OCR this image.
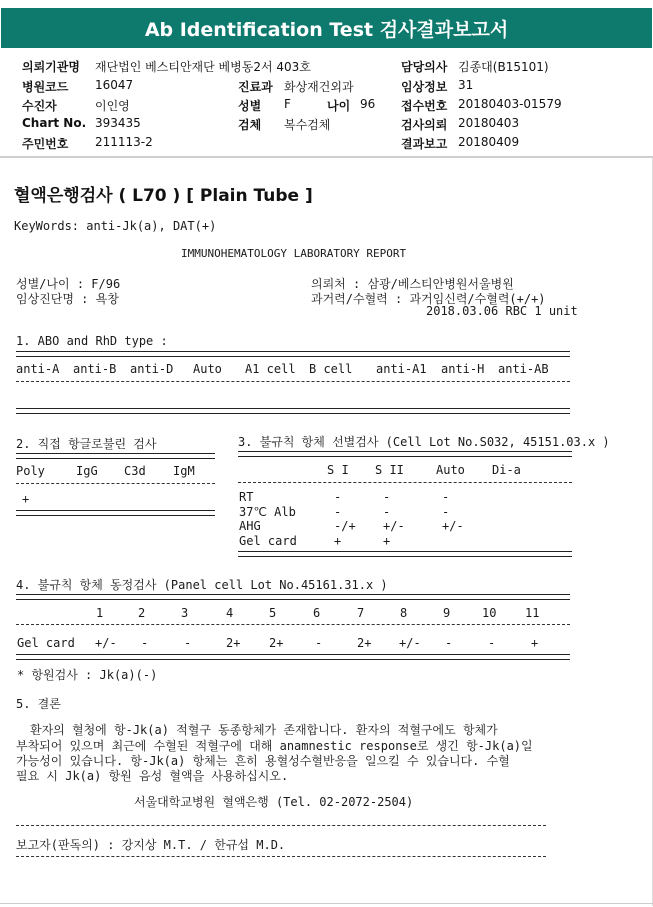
Ab Identification Test 검사결과보고서
의뢰기관명 재단법인 베스티안재단 베병동2서 403호
병원코드 16047
수진자	이인영
Chart No. 393435
주민번호 211113-2
진료과 화상재건외과
성별 F	나이 96
검체 복수검체
담당의사 김종대(B15101)
임상정보 31
접수번호 20180403-01579
검사의뢰 20180403
결과보고 20180409
혈액은행검사 ( L70 ) [ Plain Tube ]
KeyWords: anti-Jk(a), DAT(+)
IMMUNOHEMATOLOGY LABORATORY REPORT
성별/나이 : F/96
임상진단명 : 욕창
의뢰처 : 삼광/베스티안병원서울병원
과거력/수혈력 : 과거임신력/수혈력(+/+)
2018.03.06 RBC 1 unit
1. ABO and RhD type :
anti-A anti-B anti-D Auto A1 cell B cell anti-A1 anti-H anti-AB
2. 직접 항글로불린 검사
Poly	IgG C3d IgM
+
3. 불규칙 항체 선별검사 (Cell Lot No.S032, 45151.03.x )
S I S II	Auto Di-a
RT	-	-	-
37℃ Alb	-	-	-
AHG	-/+ +/-	+/-
Gel card	+	+
4. 불규칙 항체 동정검사 (Panel cell Lot No.45161.31.x )
1	2	3	4	5	6	7	8	9	10 11
Gel card +/- -	-	2+ 2+	-	2+ +/- -	-	+
* 항원검사 : Jk(a)(-)
5. 결론
환자의 혈청에 항-Jk(a) 적혈구 동종항체가 존재합니다. 환자의 적혈구에도 항체가
부착되어 있으며 최근에 수혈된 적혈구에 대해 anamnestic response로 생긴 항-Jk(a)일
가능성이 있습니다. 항-Jk(a) 항체는 흔히 용혈성수혈반응을 일으킬 수 있습니다. 수혈
필요 시 Jk(a) 항원 음성 혈액을 사용하십시오.
서울대학교병원 혈액은행 (Tel. 02-2072-2504)
보고자(판독의) : 강지상 M.T. / 한규섭 M.D.
